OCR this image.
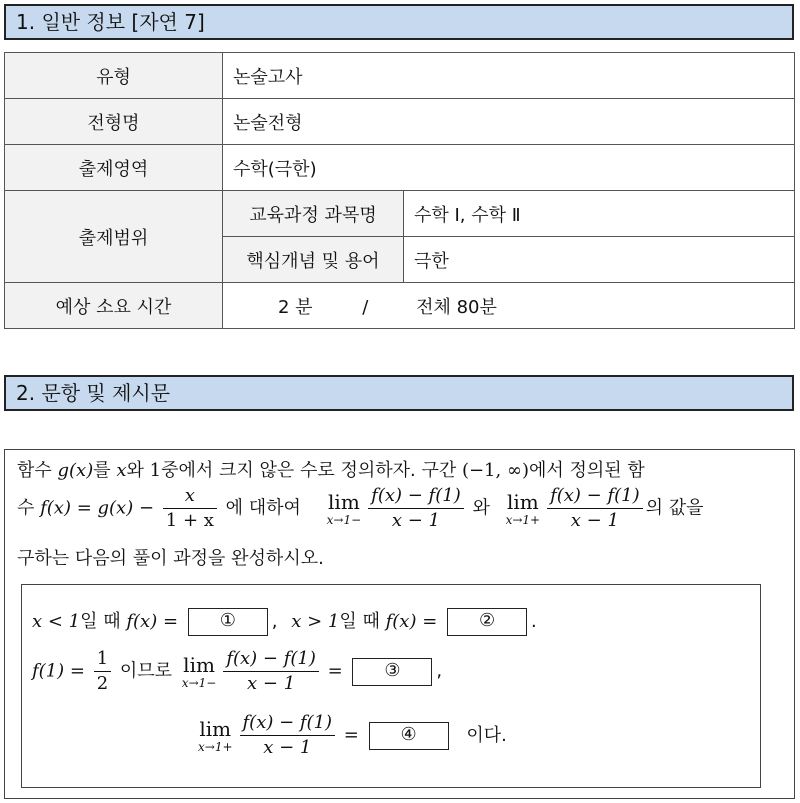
1. 일반 정보 [자연 7]
유형	논술고사	
전형명	논술전형	
출제영역	수학(극한)	
출제범위	교육과정 과목명	수학 Ⅰ, 수학 Ⅱ
	핵심개념 및 용어	극한
예상 소요 시간	2 분 / 전체 80분	
2. 문항 및 제시문
함수 g(x)를 x와 1중에서 크지 않은 수로 정의하자. 구간 (−1, ∞)에서 정의된 함
수 $f(x) = g(x) - \frac{x}{1 + x}$ 에 대하여 lim
$x\to 1- \frac{f(x) - f(1)}{x - 1}$ 와 lim
$x\to 1+ \frac{f(x) - f(1)}{x - 1}$ 의 값을
구하는 다음의 풀이 과정을 완성하시오.
x < 1일 때 f(x) = ① , x > 1일 때 f(x) = ② .
$f(1) = \frac{1}{2}$ 이므로 lim
$x\to 1- \frac{f(x) - f(1)}{x - 1}$ = ③ ,
lim
$x\to 1+ \frac{f(x) - f(1)}{x - 1}$ = ④	이다.
